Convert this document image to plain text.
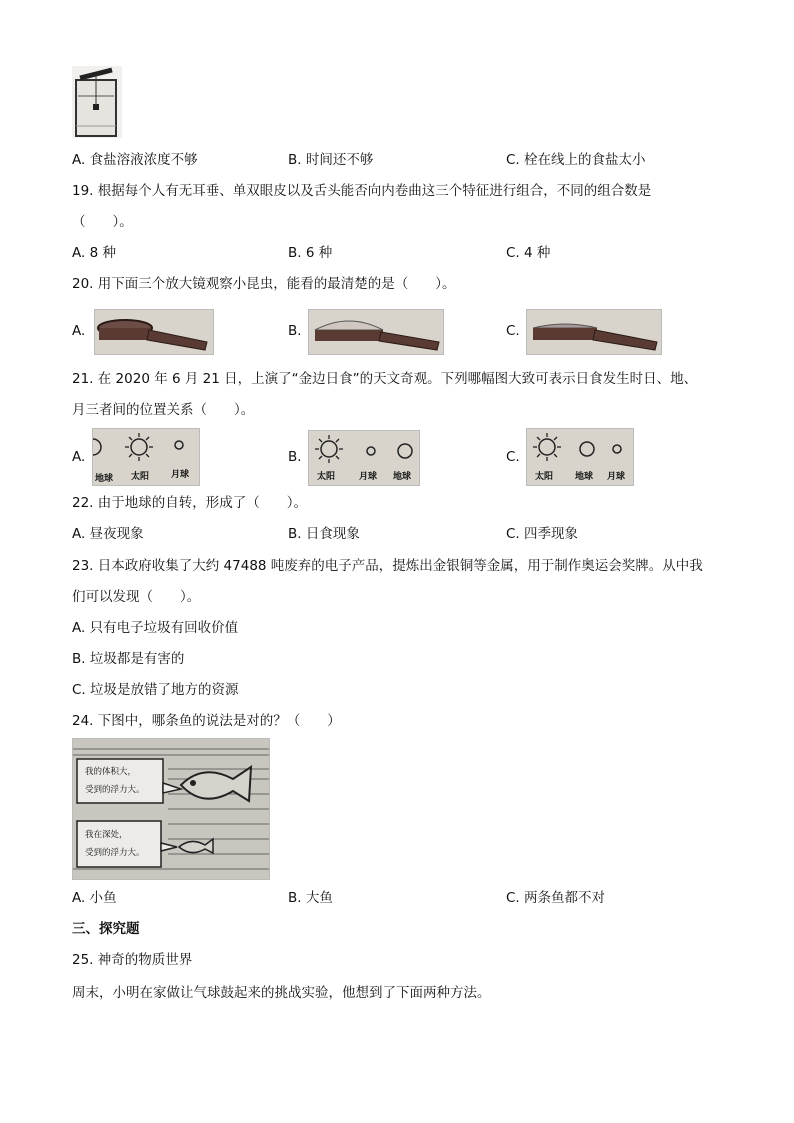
A. 食盐溶液浓度不够	B. 时间还不够	C. 栓在线上的食盐太小
19. 根据每个人有无耳垂、单双眼皮以及舌头能否向内卷曲这三个特征进行组合，不同的组合数是
（　　）。
A. 8 种	B. 6 种	C. 4 种
20. 用下面三个放大镜观察小昆虫，能看的最清楚的是（　　）。
A.	B.	C.
21. 在 2020 年 6 月 21 日，上演了“金边日食”的天文奇观。下列哪幅图大致可表示日食发生时日、地、
月三者间的位置关系（　　）。
A.
地球 太阳 月球
B.
太阳	月球 地球
C.
太阳 地球 月球
22. 由于地球的自转，形成了（　　）。
A. 昼夜现象	B. 日食现象	C. 四季现象
23. 日本政府收集了大约 47488 吨废弃的电子产品，提炼出金银铜等金属，用于制作奥运会奖牌。从中我
们可以发现（　　）。
A. 只有电子垃圾有回收价值
B. 垃圾都是有害的
C. 垃圾是放错了地方的资源
24. 下图中，哪条鱼的说法是对的？（　　）
我的体积大，
受到的浮力大。
我在深处，
受到的浮力大。
A. 小鱼	B. 大鱼	C. 两条鱼都不对
三、探究题
25. 神奇的物质世界
周末，小明在家做让气球鼓起来的挑战实验，他想到了下面两种方法。
